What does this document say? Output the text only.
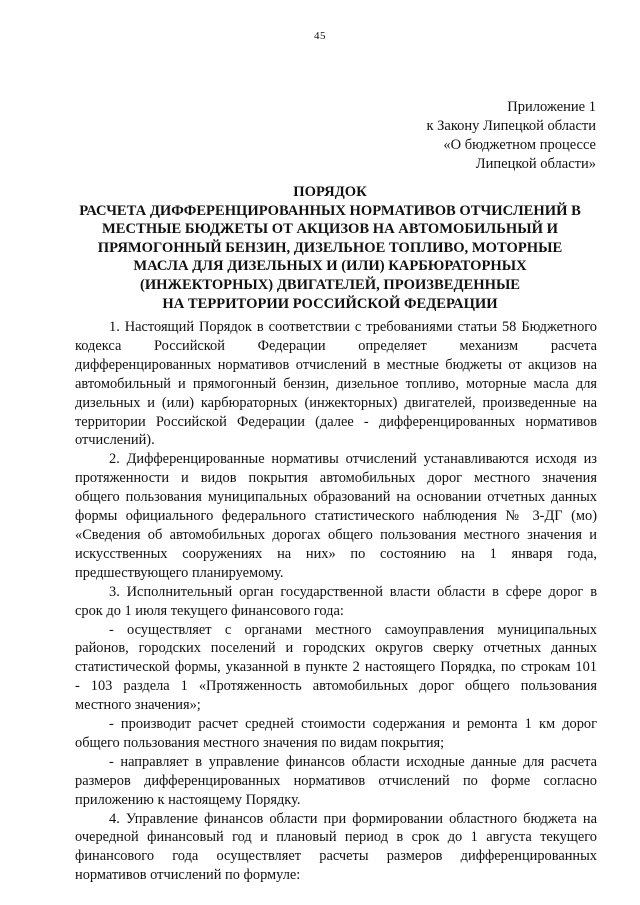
45
Приложение 1
к Закону Липецкой области
«О бюджетном процессе
Липецкой области»
ПОРЯДОК
РАСЧЕТА ДИФФЕРЕНЦИРОВАННЫХ НОРМАТИВОВ ОТЧИСЛЕНИЙ В
МЕСТНЫЕ БЮДЖЕТЫ ОТ АКЦИЗОВ НА АВТОМОБИЛЬНЫЙ И
ПРЯМОГОННЫЙ БЕНЗИН, ДИЗЕЛЬНОЕ ТОПЛИВО, МОТОРНЫЕ
МАСЛА ДЛЯ ДИЗЕЛЬНЫХ И (ИЛИ) КАРБЮРАТОРНЫХ
(ИНЖЕКТОРНЫХ) ДВИГАТЕЛЕЙ, ПРОИЗВЕДЕННЫЕ
НА ТЕРРИТОРИИ РОССИЙСКОЙ ФЕДЕРАЦИИ

1. Настоящий Порядок в соответствии с требованиями статьи 58 Бюджетного
кодекса Российской Федерации определяет механизм расчета
дифференцированных нормативов отчислений в местные бюджеты от акцизов на
автомобильный и прямогонный бензин, дизельное топливо, моторные масла для
дизельных и (или) карбюраторных (инжекторных) двигателей, произведенные на
территории Российской Федерации (далее - дифференцированных нормативов
отчислений).

2. Дифференцированные нормативы отчислений устанавливаются исходя из
протяженности и видов покрытия автомобильных дорог местного значения
общего пользования муниципальных образований на основании отчетных данных
формы официального федерального статистического наблюдения № 3-ДГ (мо)
«Сведения об автомобильных дорогах общего пользования местного значения и
искусственных сооружениях на них» по состоянию на 1 января года,
предшествующего планируемому.

3. Исполнительный орган государственной власти области в сфере дорог в
срок до 1 июля текущего финансового года:

- осуществляет с органами местного самоуправления муниципальных
районов, городских поселений и городских округов сверку отчетных данных
статистической формы, указанной в пункте 2 настоящего Порядка, по строкам 101
- 103 раздела 1 «Протяженность автомобильных дорог общего пользования
местного значения»;

- производит расчет средней стоимости содержания и ремонта 1 км дорог
общего пользования местного значения по видам покрытия;

- направляет в управление финансов области исходные данные для расчета
размеров дифференцированных нормативов отчислений по форме согласно
приложению к настоящему Порядку.

4. Управление финансов области при формировании областного бюджета на
очередной финансовый год и плановый период в срок до 1 августа текущего
финансового года осуществляет расчеты размеров дифференцированных
нормативов отчислений по формуле:
